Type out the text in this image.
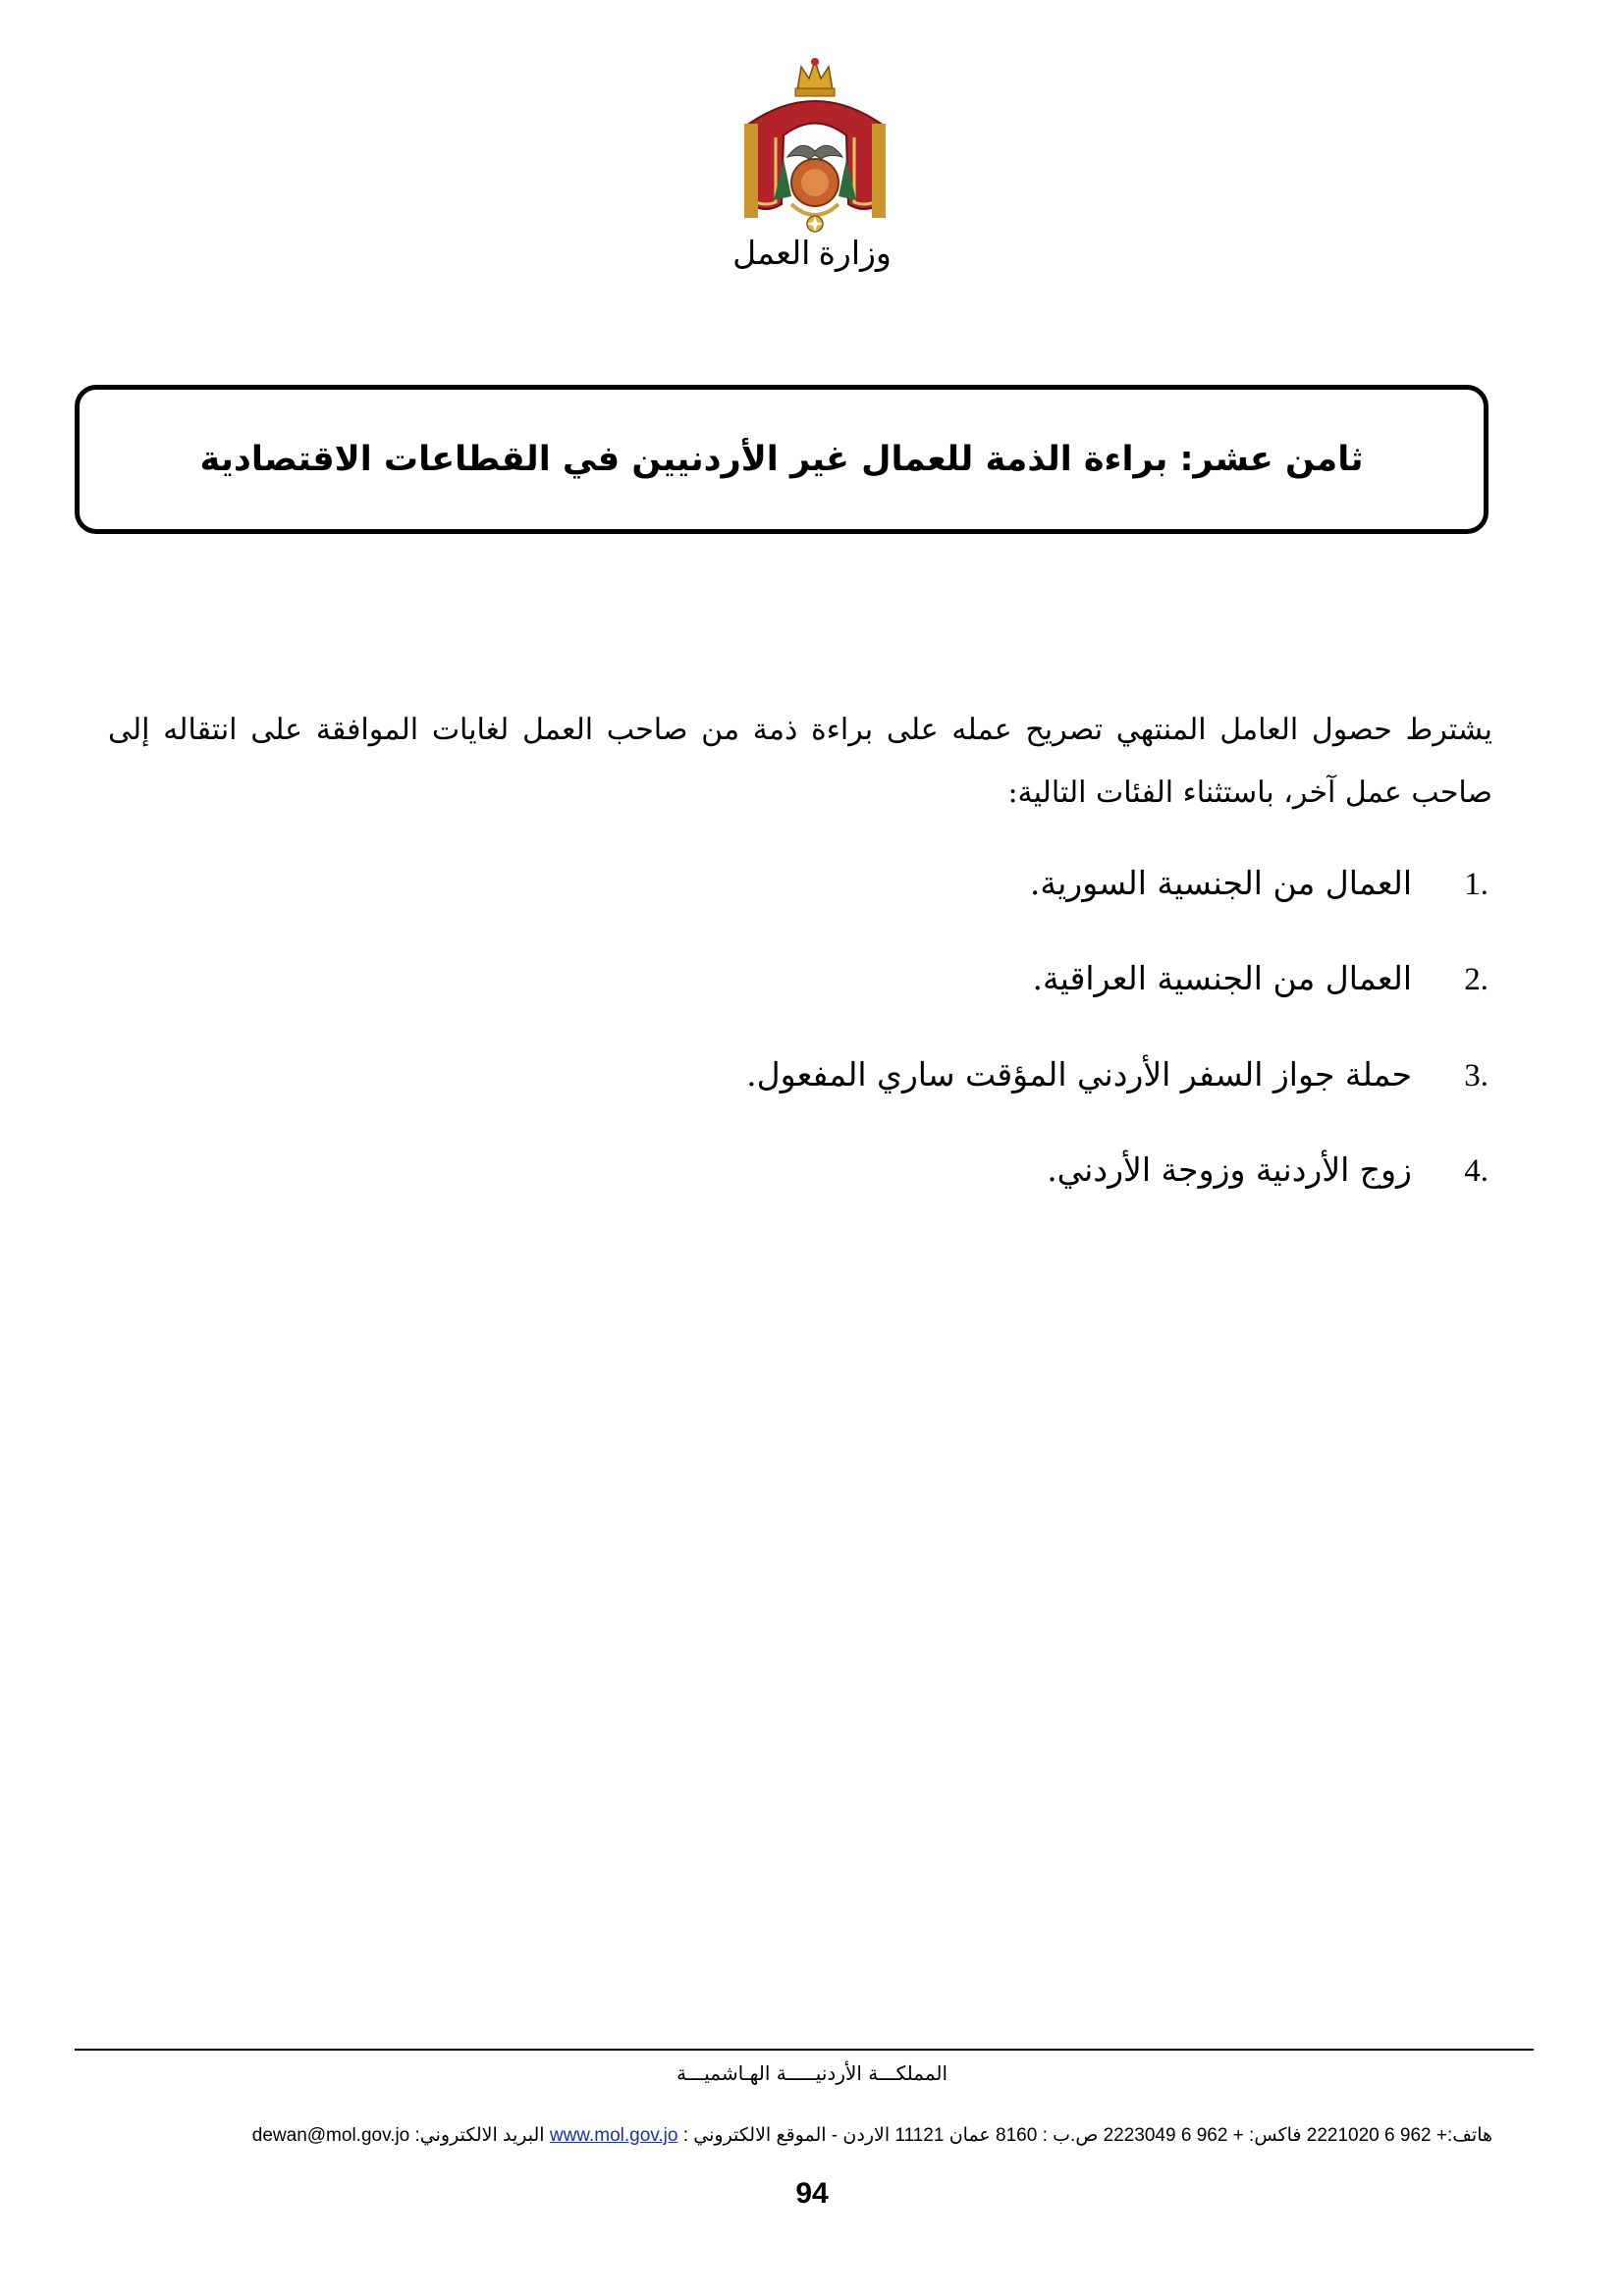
وزارة العمل
ثامن عشر: براءة الذمة للعمال غير الأردنيين في القطاعات الاقتصادية
يشترط حصول العامل المنتهي تصريح عمله على براءة ذمة من صاحب العمل لغايات الموافقة على انتقاله إلى صاحب عمل آخر، باستثناء الفئات التالية:
.1العمال من الجنسية السورية.
.2العمال من الجنسية العراقية.
.3حملة جواز السفر الأردني المؤقت ساري المفعول.
.4زوج الأردنية وزوجة الأردني.
المملكـــة الأردنيـــــة الهـاشميـــة
هاتف:+ 962 6 2221020 فاكس: + 962 6 2223049 ص.ب : 8160 عمان 11121 الاردن - الموقع الالكتروني : www.mol.gov.jo البريد الالكتروني: dewan@mol.gov.jo
94
